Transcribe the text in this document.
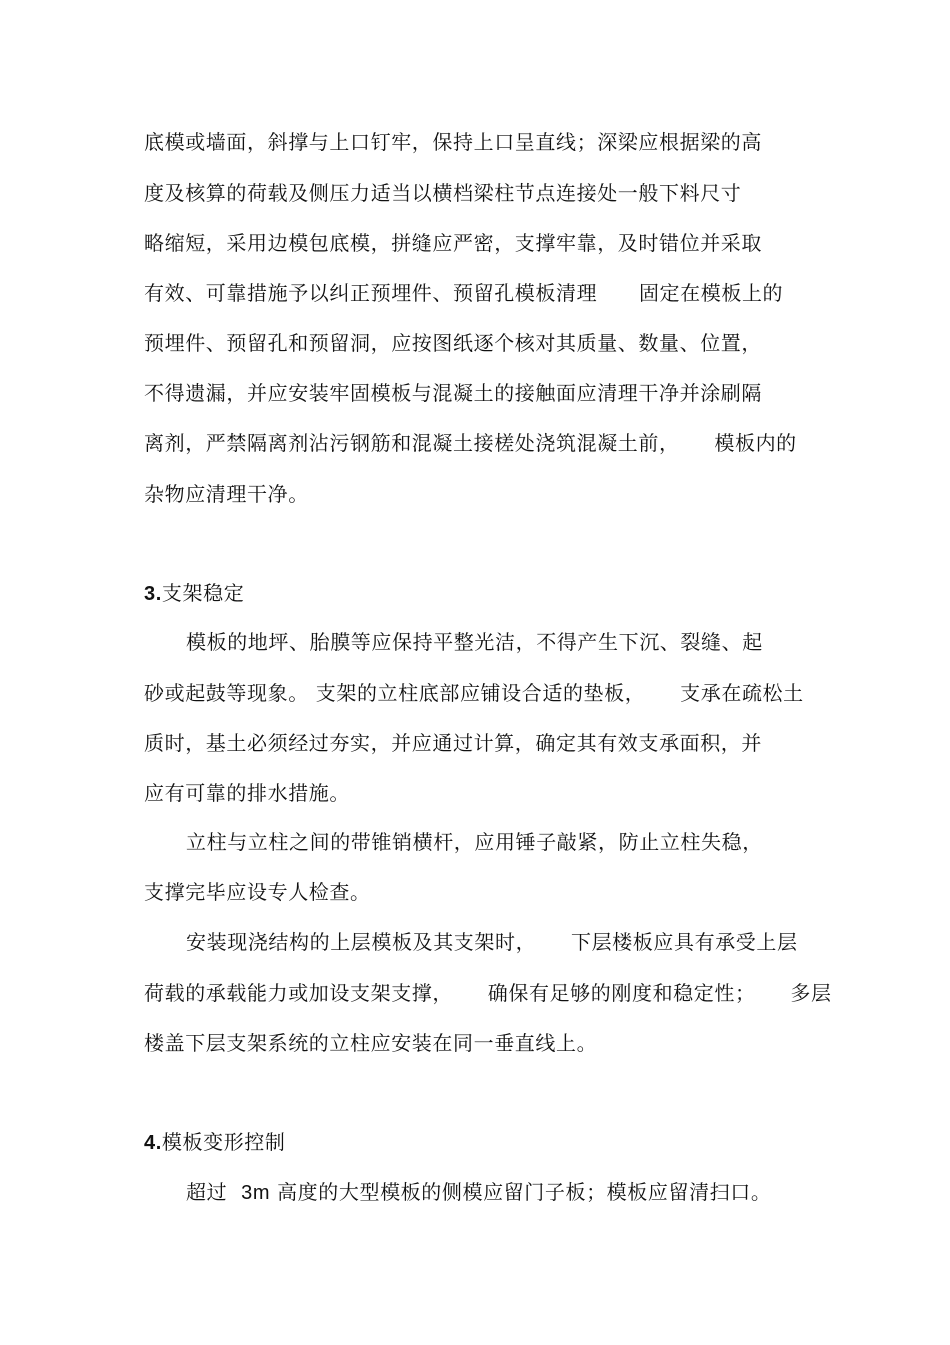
底模或墙面，斜撑与上口钉牢，保持上口呈直线；深梁应根据梁的高
度及核算的荷载及侧压力适当以横档梁柱节点连接处一般下料尺寸
略缩短，采用边模包底模，拼缝应严密，支撑牢靠，及时错位并采取
有效、可靠措施予以纠正预埋件、预留孔模板清理      固定在模板上的
预埋件、预留孔和预留洞，应按图纸逐个核对其质量、数量、位置，
不得遗漏，并应安装牢固模板与混凝土的接触面应清理干净并涂刷隔
离剂，严禁隔离剂沾污钢筋和混凝土接槎处浇筑混凝土前，     模板内的
杂物应清理干净。
3.支架稳定
模板的地坪、胎膜等应保持平整光洁，不得产生下沉、裂缝、起
砂或起鼓等现象。 支架的立柱底部应铺设合适的垫板，     支承在疏松土
质时，基土必须经过夯实，并应通过计算，确定其有效支承面积，并
应有可靠的排水措施。
立柱与立柱之间的带锥销横杆，应用锤子敲紧，防止立柱失稳，
支撑完毕应设专人检查。
安装现浇结构的上层模板及其支架时，     下层楼板应具有承受上层
荷载的承载能力或加设支架支撑，     确保有足够的刚度和稳定性；     多层
楼盖下层支架系统的立柱应安装在同一垂直线上。
4.模板变形控制
超过  3m 高度的大型模板的侧模应留门子板；模板应留清扫口。
